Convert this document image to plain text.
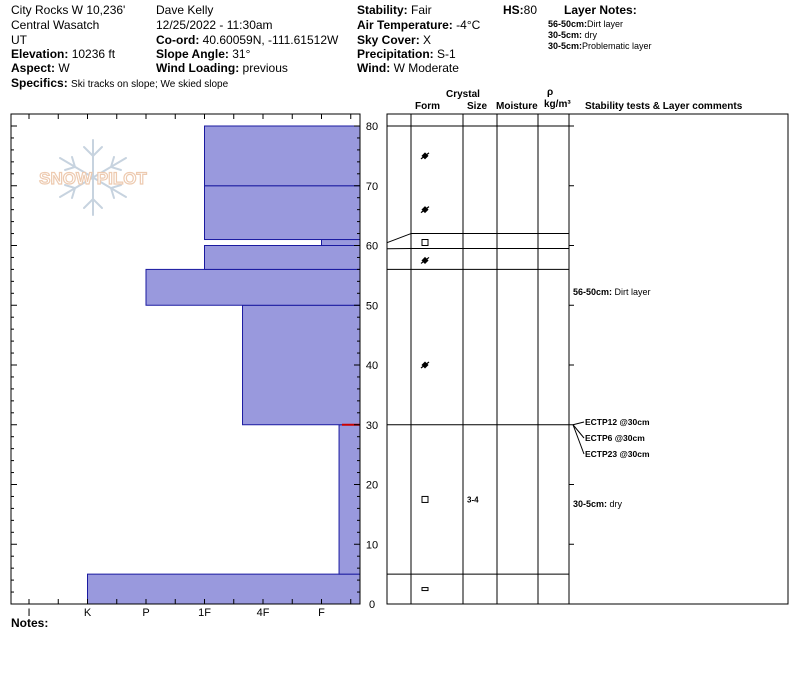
City Rocks W 10,236'
Central Wasatch
UT
Elevation: 10236 ft
Aspect: W
Specifics: Ski tracks on slope; We skied slope
Dave Kelly
12/25/2022 - 11:30am
Co-ord: 40.60059N, -111.61512W
Slope Angle: 31°
Wind Loading: previous
Stability: Fair
Air Temperature: -4°C
Sky Cover: X
Precipitation: S-1
Wind: W Moderate
HS:80 Layer Notes:
56-50cm:Dirt layer
30-5cm: dry
30-5cm:Problematic layer
Notes:
Crystal	ρ
Form	Size Moisture kg/m³ Stability tests & Layer comments
SNOW PILOT
0
10
20
30
40
50
60
70
80
I	K	P	1F	4F	F
3-4
ECTP12 @30cm
ECTP6 @30cm
ECTP23 @30cm
56-50cm: Dirt layer
30-5cm: dry
